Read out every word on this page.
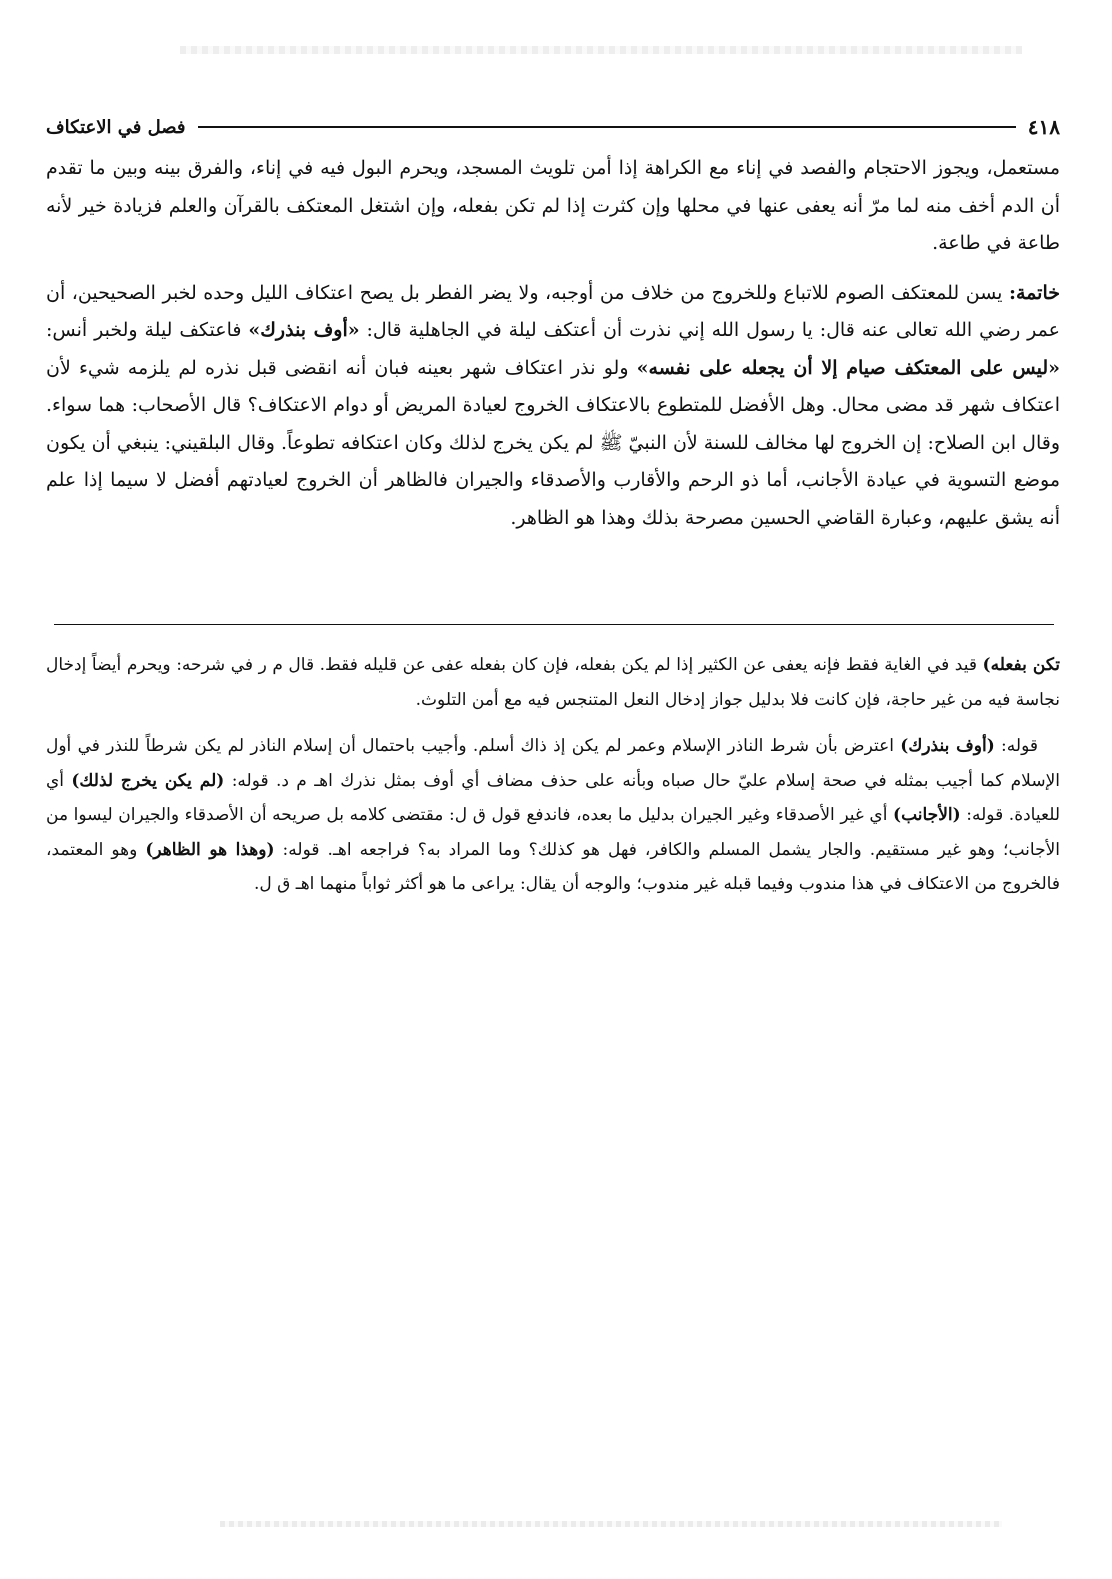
٤١٨
فصل في الاعتكاف

مستعمل، ويجوز الاحتجام والفصد في إناء مع الكراهة إذا أمن تلويث المسجد، ويحرم البول فيه في إناء، والفرق بينه وبين ما تقدم أن الدم أخف منه لما مرّ أنه يعفى عنها في محلها وإن كثرت إذا لم تكن بفعله، وإن اشتغل المعتكف بالقرآن والعلم فزيادة خير لأنه طاعة في طاعة.

خاتمة: يسن للمعتكف الصوم للاتباع وللخروج من خلاف من أوجبه، ولا يضر الفطر بل يصح اعتكاف الليل وحده لخبر الصحيحين، أن عمر رضي الله تعالى عنه قال: يا رسول الله إني نذرت أن أعتكف ليلة في الجاهلية قال: «أوف بنذرك» فاعتكف ليلة ولخبر أنس: «ليس على المعتكف صيام إلا أن يجعله على نفسه» ولو نذر اعتكاف شهر بعينه فبان أنه انقضى قبل نذره لم يلزمه شيء لأن اعتكاف شهر قد مضى محال. وهل الأفضل للمتطوع بالاعتكاف الخروج لعيادة المريض أو دوام الاعتكاف؟ قال الأصحاب: هما سواء. وقال ابن الصلاح: إن الخروج لها مخالف للسنة لأن النبيّ ﷺ لم يكن يخرج لذلك وكان اعتكافه تطوعاً. وقال البلقيني: ينبغي أن يكون موضع التسوية في عيادة الأجانب، أما ذو الرحم والأقارب والأصدقاء والجيران فالظاهر أن الخروج لعيادتهم أفضل لا سيما إذا علم أنه يشق عليهم، وعبارة القاضي الحسين مصرحة بذلك وهذا هو الظاهر.

تكن بفعله) قيد في الغاية فقط فإنه يعفى عن الكثير إذا لم يكن بفعله، فإن كان بفعله عفى عن قليله فقط. قال م ر في شرحه: ويحرم أيضاً إدخال نجاسة فيه من غير حاجة، فإن كانت فلا بدليل جواز إدخال النعل المتنجس فيه مع أمن التلوث.

قوله: (أوف بنذرك) اعترض بأن شرط الناذر الإسلام وعمر لم يكن إذ ذاك أسلم. وأجيب باحتمال أن إسلام الناذر لم يكن شرطاً للنذر في أول الإسلام كما أجيب بمثله في صحة إسلام عليّ حال صباه وبأنه على حذف مضاف أي أوف بمثل نذرك اهـ م د. قوله: (لم يكن يخرج لذلك) أي للعيادة. قوله: (الأجانب) أي غير الأصدقاء وغير الجيران بدليل ما بعده، فاندفع قول ق ل: مقتضى كلامه بل صريحه أن الأصدقاء والجيران ليسوا من الأجانب؛ وهو غير مستقيم. والجار يشمل المسلم والكافر، فهل هو كذلك؟ وما المراد به؟ فراجعه اهـ. قوله: (وهذا هو الظاهر) وهو المعتمد، فالخروج من الاعتكاف في هذا مندوب وفيما قبله غير مندوب؛ والوجه أن يقال: يراعى ما هو أكثر ثواباً منهما اهـ ق ل.
